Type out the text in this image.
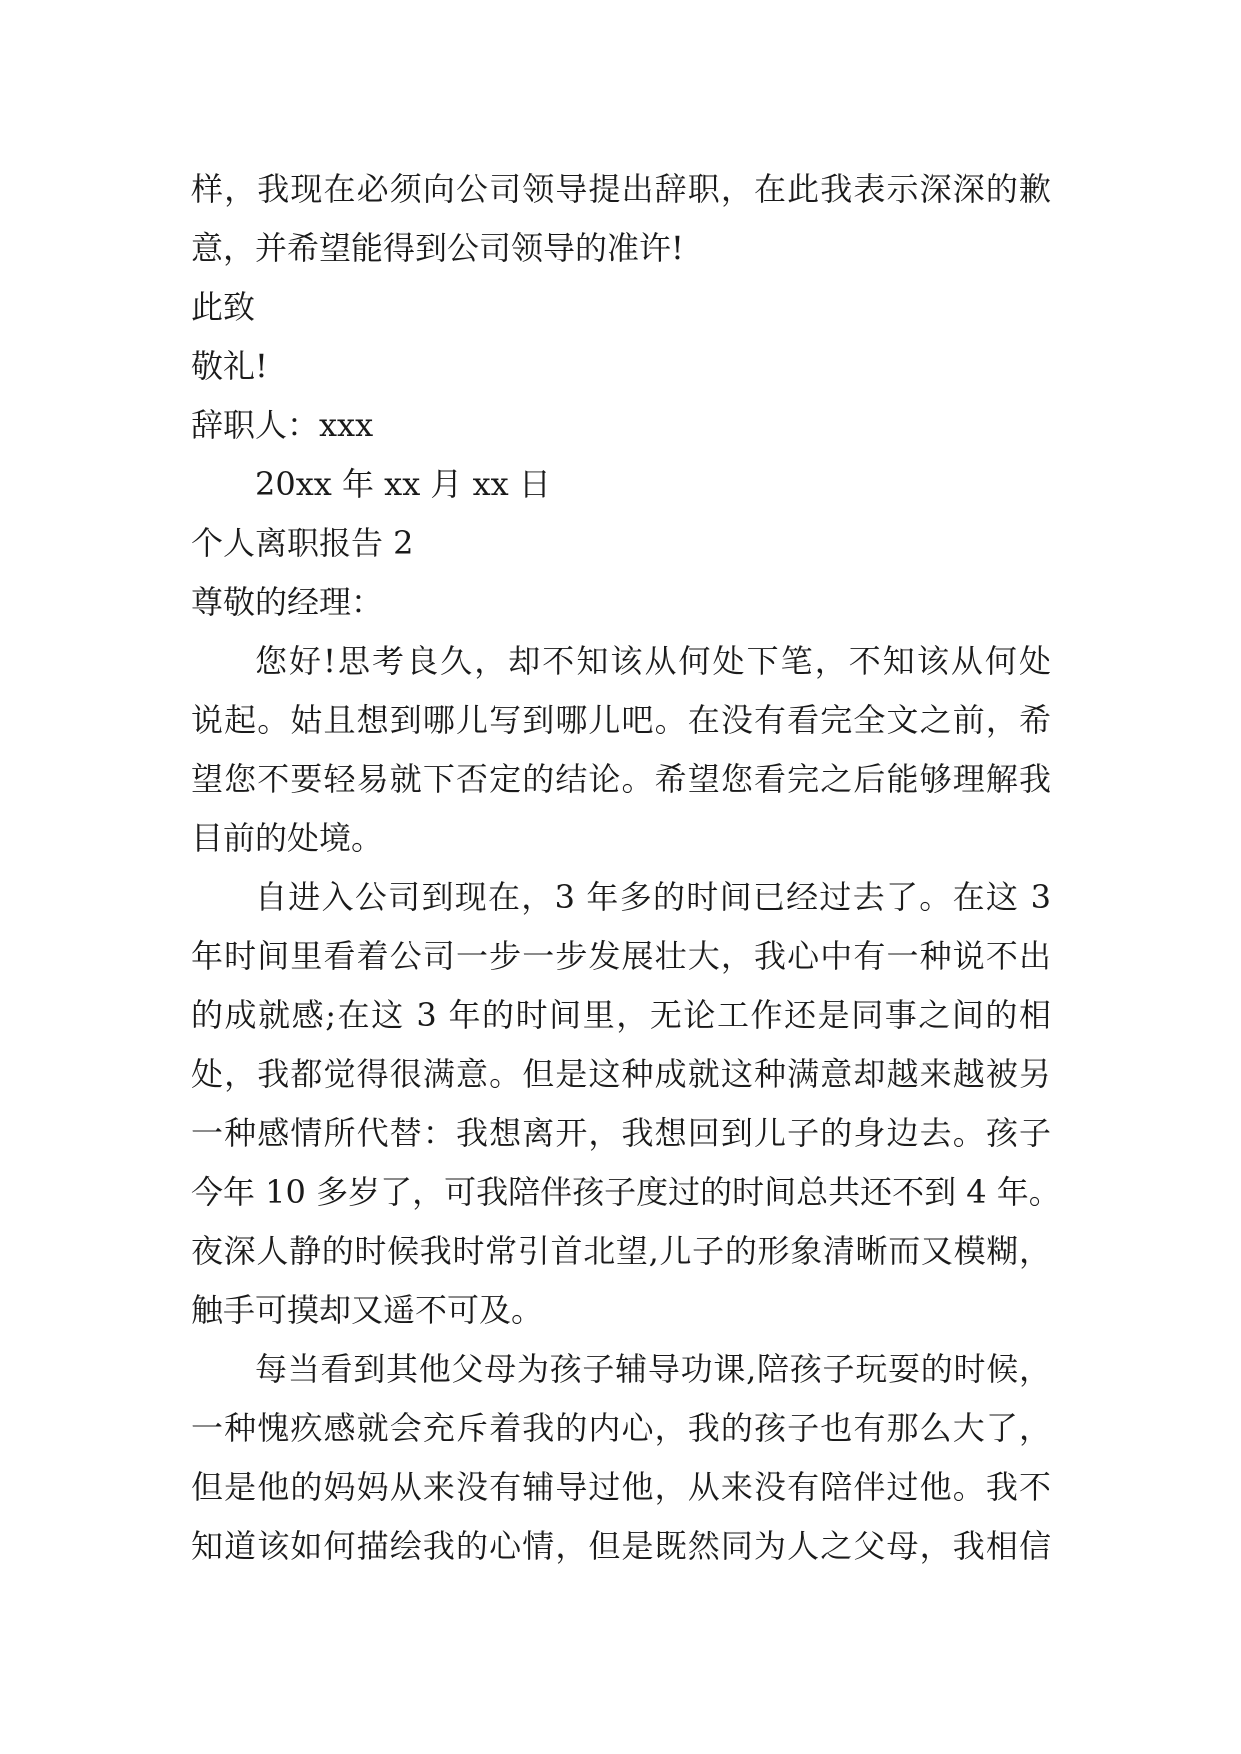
样，我现在必须向公司领导提出辞职，在此我表示深深的歉
意，并希望能得到公司领导的准许!
此致
敬礼!
辞职人：xxx
20xx 年 xx 月 xx 日
个人离职报告 2
尊敬的经理：
您好!思考良久，却不知该从何处下笔，不知该从何处
说起。姑且想到哪儿写到哪儿吧。在没有看完全文之前，希
望您不要轻易就下否定的结论。希望您看完之后能够理解我
目前的处境。
自进入公司到现在，3 年多的时间已经过去了。在这 3
年时间里看着公司一步一步发展壮大，我心中有一种说不出
的成就感;在这 3 年的时间里，无论工作还是同事之间的相
处，我都觉得很满意。但是这种成就这种满意却越来越被另
一种感情所代替：我想离开，我想回到儿子的身边去。孩子
今年 10 多岁了，可我陪伴孩子度过的时间总共还不到 4 年。
夜深人静的时候我时常引首北望,儿子的形象清晰而又模糊，
触手可摸却又遥不可及。
每当看到其他父母为孩子辅导功课,陪孩子玩耍的时候，
一种愧疚感就会充斥着我的内心，我的孩子也有那么大了，
但是他的妈妈从来没有辅导过他，从来没有陪伴过他。我不
知道该如何描绘我的心情，但是既然同为人之父母，我相信
